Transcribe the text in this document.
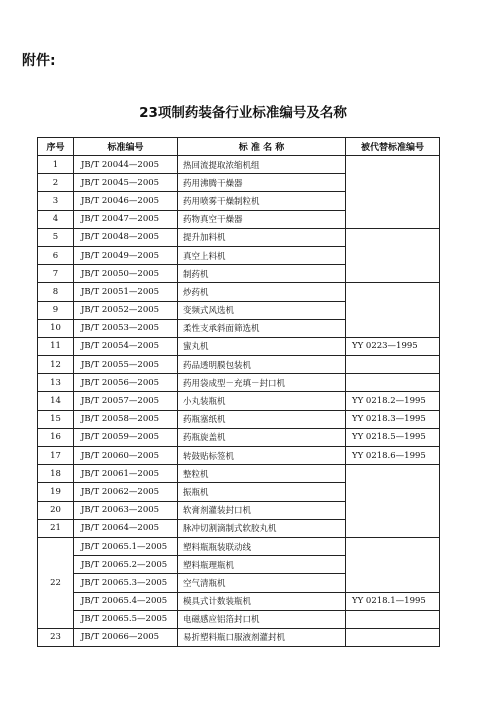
附件:
23项制药装备行业标准编号及名称
序号	标准编号	标 准 名 称	被代替标准编号
1	JB/T 20044—2005	热回流提取浓缩机组	
2	JB/T 20045—2005	药用沸腾干燥器	
3	JB/T 20046—2005	药用喷雾干燥制粒机	
4	JB/T 20047—2005	药物真空干燥器	
5	JB/T 20048—2005	提升加料机	
6	JB/T 20049—2005	真空上料机	
7	JB/T 20050—2005	制药机	
8	JB/T 20051—2005	炒药机	
9	JB/T 20052—2005	变频式风选机	
10	JB/T 20053—2005	柔性支承斜面筛选机	
11	JB/T 20054—2005	蜜丸机	YY 0223—1995
12	JB/T 20055—2005	药品透明膜包装机	
13	JB/T 20056—2005	药用袋成型－充填－封口机	
14	JB/T 20057—2005	小丸装瓶机	YY 0218.2—1995
15	JB/T 20058—2005	药瓶塞纸机	YY 0218.3—1995
16	JB/T 20059—2005	药瓶旋盖机	YY 0218.5—1995
17	JB/T 20060—2005	转鼓贴标签机	YY 0218.6—1995
18	JB/T 20061—2005	整粒机	
19	JB/T 20062—2005	振瓶机	
20	JB/T 20063—2005	软膏剂灌装封口机	
21	JB/T 20064—2005	脉冲切割滴制式软胶丸机	
22	JB/T 20065.1—2005	塑料瓶瓶装联动线	
	JB/T 20065.2—2005	塑料瓶理瓶机	
	JB/T 20065.3—2005	空气清瓶机	
	JB/T 20065.4—2005	模具式计数装瓶机	YY 0218.1—1995
	JB/T 20065.5—2005	电磁感应铝箔封口机	
23	JB/T 20066—2005	易折塑料瓶口服液剂灌封机	
